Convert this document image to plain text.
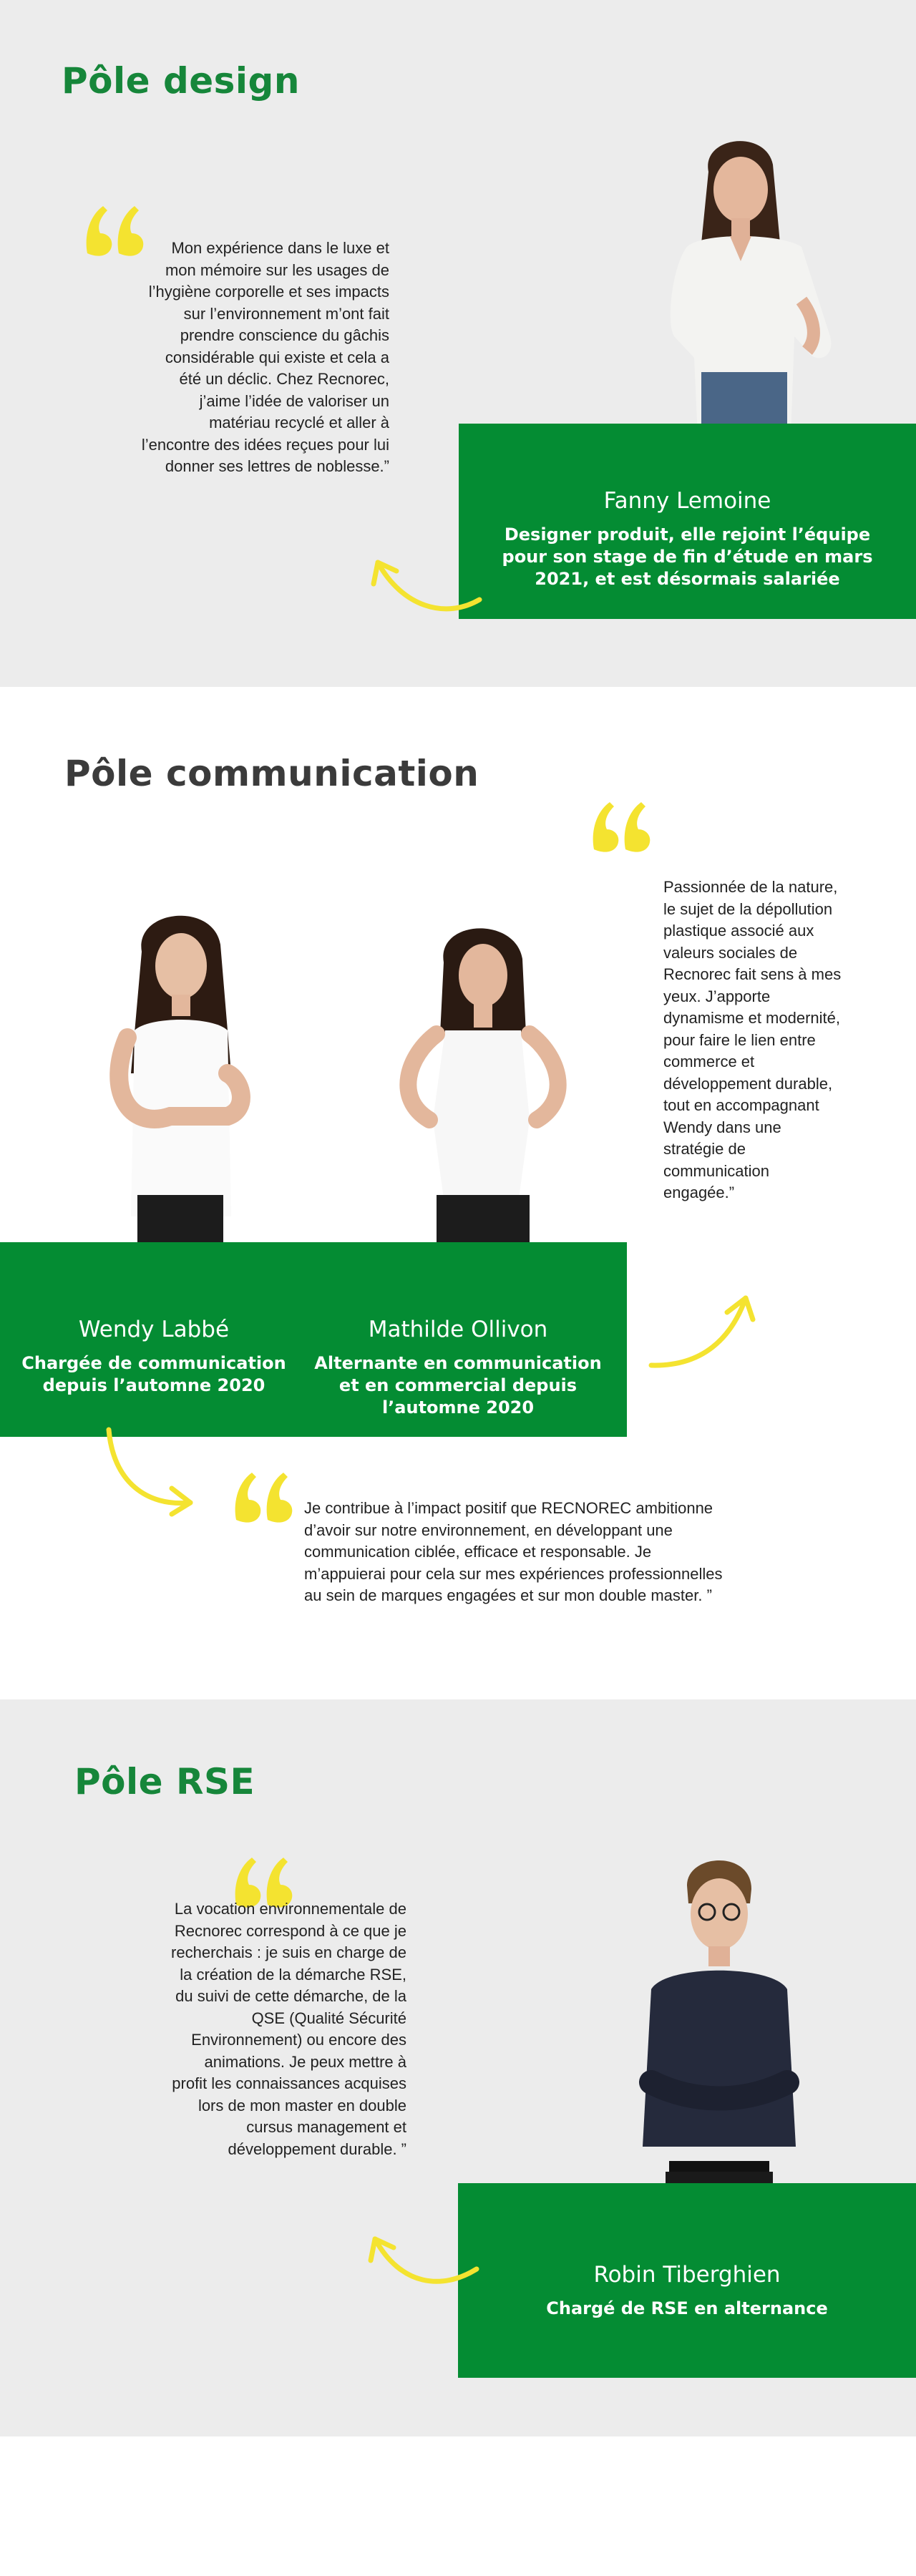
Pôle design

Mon expérience dans le luxe et mon mémoire sur les usages de l’hygiène corporelle et ses impacts sur l’environnement m’ont fait prendre conscience du gâchis considérable qui existe et cela a été un déclic. Chez Recnorec, j’aime l’idée de valoriser un matériau recyclé et aller à l’encontre des idées reçues pour lui donner ses lettres de noblesse.”

Fanny Lemoine
Designer produit, elle rejoint l’équipe pour son stage de fin d’étude en mars 2021, et est désormais salariée
Pôle communication

Passionnée de la nature, le sujet de la dépollution plastique associé aux valeurs sociales de Recnorec fait sens à mes yeux. J’apporte dynamisme et modernité, pour faire le lien entre commerce et développement durable, tout en accompagnant Wendy dans une stratégie de communication engagée.”

Wendy Labbé
Chargée de communication depuis l’automne 2020
Mathilde Ollivon
Alternante en communication et en commercial depuis l’automne 2020

Je contribue à l’impact positif que RECNOREC ambitionne d’avoir sur notre environnement, en développant une communication ciblée, efficace et responsable. Je m’appuierai pour cela sur mes expériences professionnelles au sein de marques engagées et sur mon double master. ”

Pôle RSE

La vocation environnementale de Recnorec correspond à ce que je recherchais : je suis en charge de la création de la démarche RSE, du suivi de cette démarche, de la QSE (Qualité Sécurité Environnement) ou encore des animations. Je peux mettre à profit les connaissances acquises lors de mon master en double cursus management et développement durable. ”

Robin Tiberghien
Chargé de RSE en alternance
